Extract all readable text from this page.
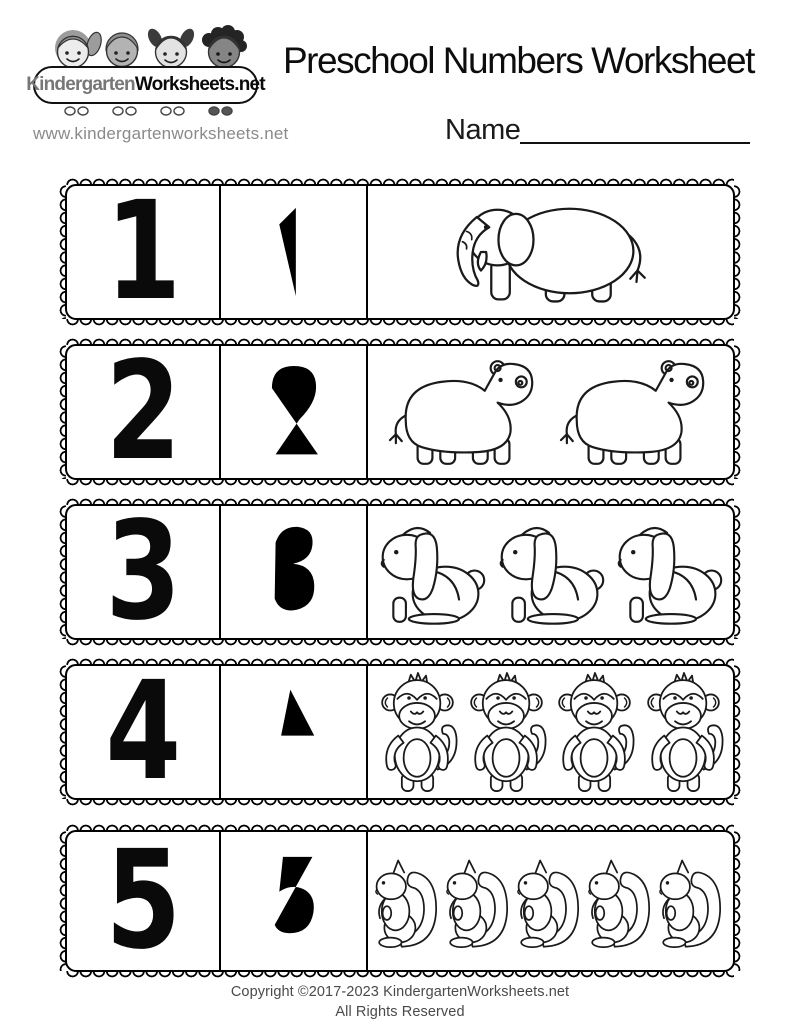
Kindergarten Worksheets.net
www.kindergartenworksheets.net
Preschool Numbers Worksheet
Name
1
2
3
4
5
Copyright ©2017-2023 KindergartenWorksheets.net
All Rights Reserved
